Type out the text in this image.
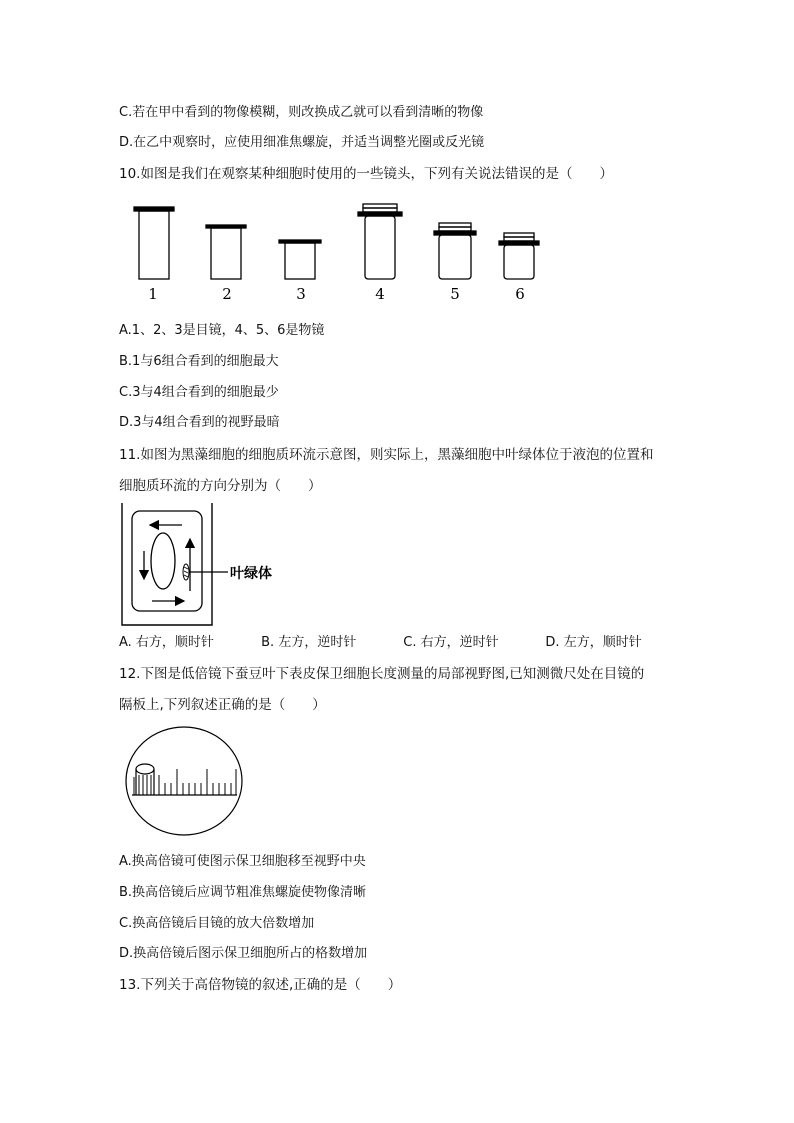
C.若在甲中看到的物像模糊，则改换成乙就可以看到清晰的物像
D.在乙中观察时，应使用细准焦螺旋，并适当调整光圈或反光镜
10.如图是我们在观察某种细胞时使用的一些镜头，下列有关说法错误的是（　　）
1	2	3	4	5	6
A.1、2、3是目镜，4、5、6是物镜
B.1与6组合看到的细胞最大
C.3与4组合看到的细胞最少
D.3与4组合看到的视野最暗
11.如图为黑藻细胞的细胞质环流示意图，则实际上，黑藻细胞中叶绿体位于液泡的位置和
细胞质环流的方向分别为（　　）
叶绿体
A. 右方，顺时针	B. 左方，逆时针	C. 右方，逆时针	D. 左方，顺时针
12.下图是低倍镜下蚕豆叶下表皮保卫细胞长度测量的局部视野图,已知测微尺处在目镜的
隔板上,下列叙述正确的是（　　）
A.换高倍镜可使图示保卫细胞移至视野中央
B.换高倍镜后应调节粗准焦螺旋使物像清晰
C.换高倍镜后目镜的放大倍数增加
D.换高倍镜后图示保卫细胞所占的格数增加
13.下列关于高倍物镜的叙述,正确的是（　　）
